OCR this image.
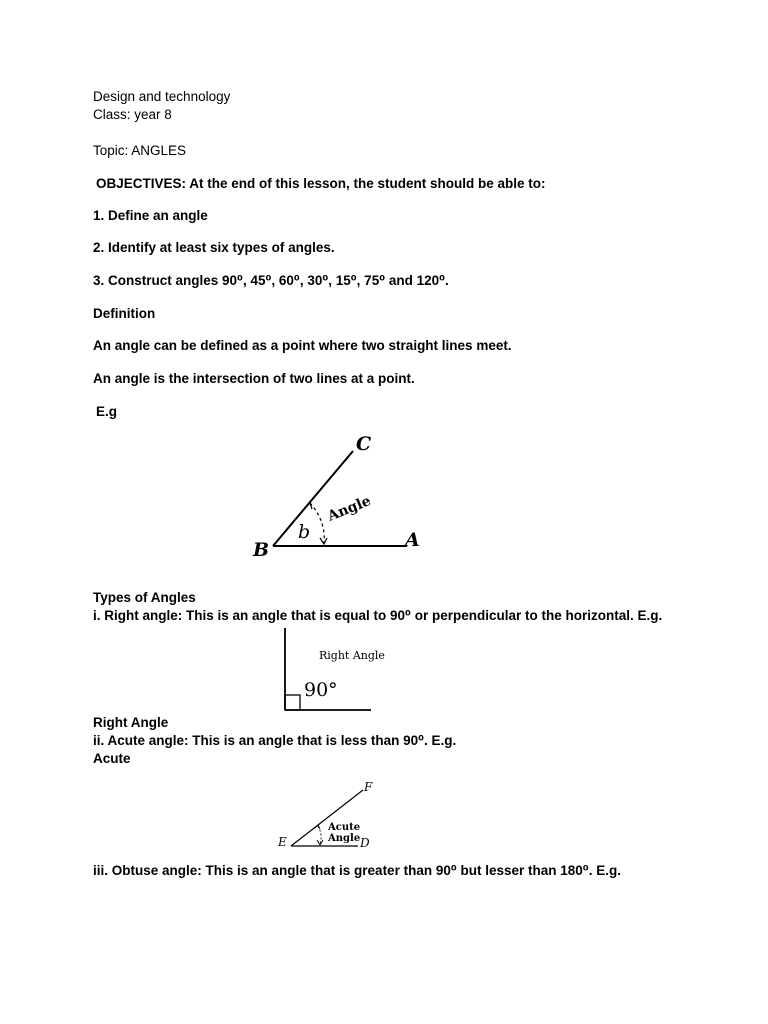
Design and technology
Class: year 8
Topic: ANGLES
OBJECTIVES: At the end of this lesson, the student should be able to:
1. Define an angle
2. Identify at least six types of angles.
3. Construct angles 90⁰, 45⁰, 60⁰, 30⁰, 15⁰, 75⁰ and 120⁰.
Definition
An angle can be defined as a point where two straight lines meet.
An angle is the intersection of two lines at a point.
E.g
C
B	A
b
Angle
Types of Angles
i. Right angle: This is an angle that is equal to 90⁰ or perpendicular to the horizontal. E.g.
Right Angle
90°
Right Angle
ii. Acute angle: This is an angle that is less than 90⁰. E.g.
Acute
F
E	D
Acute
Angle
iii. Obtuse angle: This is an angle that is greater than 90⁰ but lesser than 180⁰. E.g.
